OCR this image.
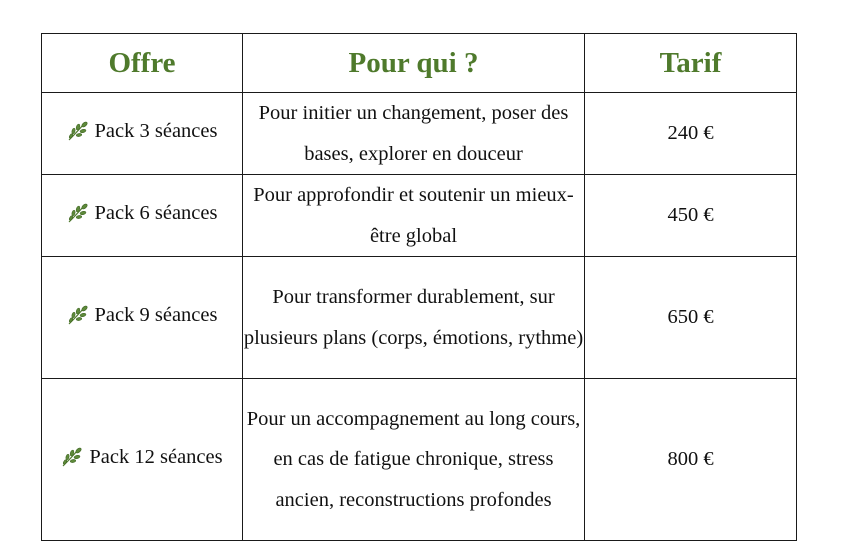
Offre	Pour qui ?	Tarif

Pack 3 séances	Pour initier un changement, poser des bases, explorer en douceur	240 €

Pack 6 séances	Pour approfondir et soutenir un mieux-être global	450 €

Pack 9 séances	Pour transformer durablement, sur plusieurs plans (corps, émotions, rythme)	650 €

Pack 12 séances	Pour un accompagnement au long cours, en cas de fatigue chronique, stress ancien, reconstructions profondes	800 €
